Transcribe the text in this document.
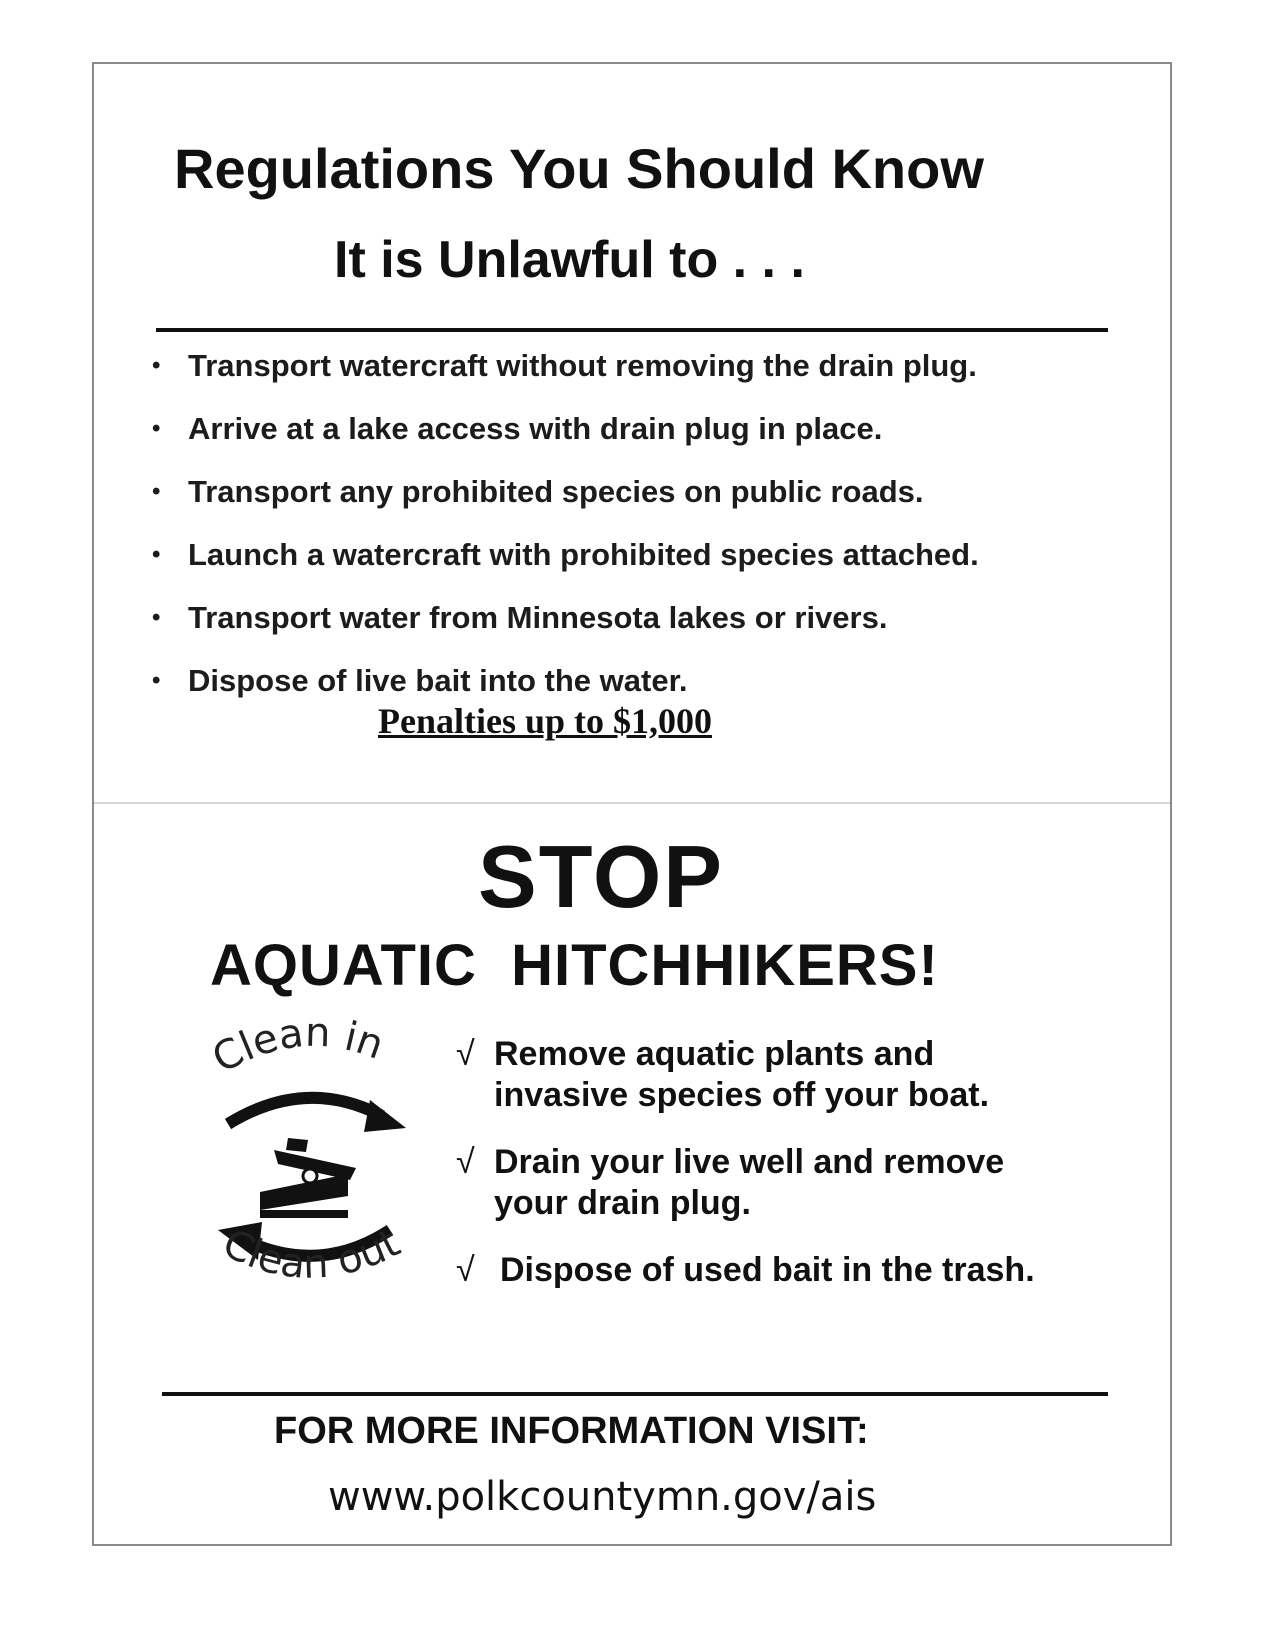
Regulations You Should Know
It is Unlawful to . . .
• Transport watercraft without removing the drain plug.
• Arrive at a lake access with drain plug in place.
• Transport any prohibited species on public roads.
• Launch a watercraft with prohibited species attached.
• Transport water from Minnesota lakes or rivers.
• Dispose of live bait into the water.
Penalties up to $1,000
STOP
AQUATIC  HITCHHIKERS!
lean in
Clean out
√ Remove aquatic plants and
invasive species off your boat.
√ Drain your live well and remove
your drain plug.
√ Dispose of used bait in the trash.
FOR MORE INFORMATION VISIT:
www.polkcountymn.gov/ais
